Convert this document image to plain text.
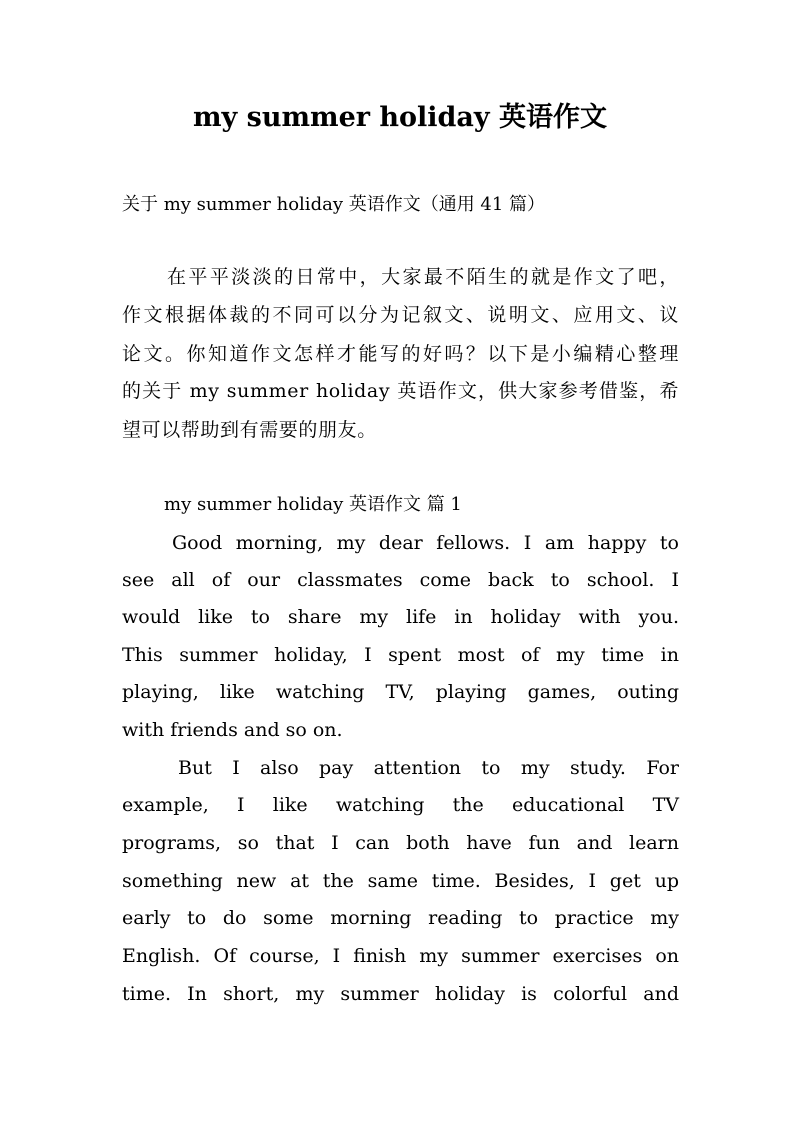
my summer holiday 英语作文
关于 my summer holiday 英语作文（通用 41 篇）
在平平淡淡的日常中，大家最不陌生的就是作文了吧，
作文根据体裁的不同可以分为记叙文、说明文、应用文、议
论文。你知道作文怎样才能写的好吗？以下是小编精心整理
的关于 my summer holiday 英语作文，供大家参考借鉴，希
望可以帮助到有需要的朋友。
my summer holiday 英语作文 篇 1
Good morning, my dear fellows. I am happy to
see all of our classmates come back to school. I
would like to share my life in holiday with you.
This summer holiday, I spent most of my time in
playing, like watching TV, playing games, outing
with friends and so on.
But I also pay attention to my study. For
example, I like watching the educational TV
programs, so that I can both have fun and learn
something new at the same time. Besides, I get up
early to do some morning reading to practice my
English. Of course, I finish my summer exercises on
time. In short, my summer holiday is colorful and
